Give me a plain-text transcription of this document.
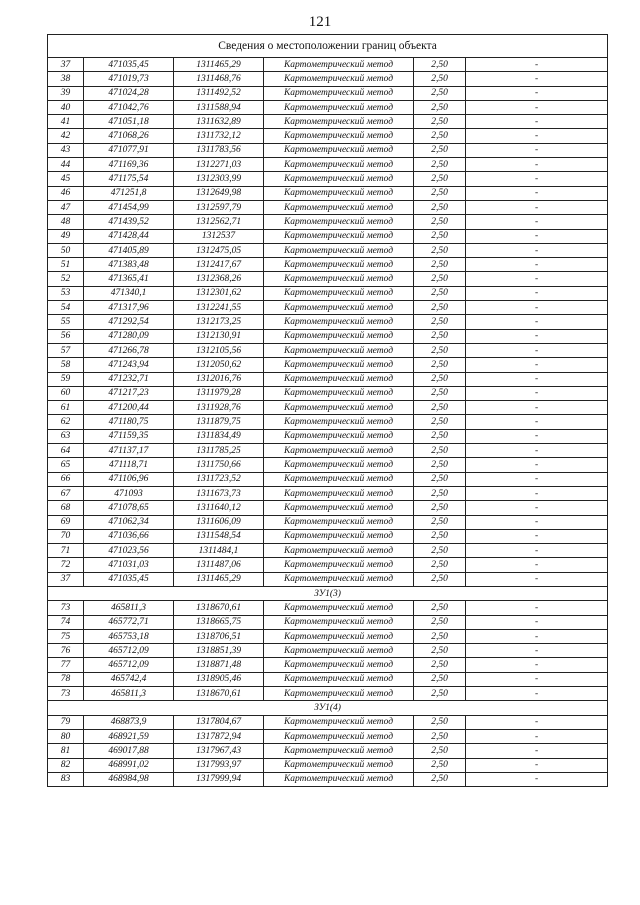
121
Сведения о местоположении границ объекта					
37	471035,45	1311465,29	Картометрический метод	2,50	-
38	471019,73	1311468,76	Картометрический метод	2,50	-
39	471024,28	1311492,52	Картометрический метод	2,50	-
40	471042,76	1311588,94	Картометрический метод	2,50	-
41	471051,18	1311632,89	Картометрический метод	2,50	-
42	471068,26	1311732,12	Картометрический метод	2,50	-
43	471077,91	1311783,56	Картометрический метод	2,50	-
44	471169,36	1312271,03	Картометрический метод	2,50	-
45	471175,54	1312303,99	Картометрический метод	2,50	-
46	471251,8	1312649,98	Картометрический метод	2,50	-
47	471454,99	1312597,79	Картометрический метод	2,50	-
48	471439,52	1312562,71	Картометрический метод	2,50	-
49	471428,44	1312537	Картометрический метод	2,50	-
50	471405,89	1312475,05	Картометрический метод	2,50	-
51	471383,48	1312417,67	Картометрический метод	2,50	-
52	471365,41	1312368,26	Картометрический метод	2,50	-
53	471340,1	1312301,62	Картометрический метод	2,50	-
54	471317,96	1312241,55	Картометрический метод	2,50	-
55	471292,54	1312173,25	Картометрический метод	2,50	-
56	471280,09	1312130,91	Картометрический метод	2,50	-
57	471266,78	1312105,56	Картометрический метод	2,50	-
58	471243,94	1312050,62	Картометрический метод	2,50	-
59	471232,71	1312016,76	Картометрический метод	2,50	-
60	471217,23	1311979,28	Картометрический метод	2,50	-
61	471200,44	1311928,76	Картометрический метод	2,50	-
62	471180,75	1311879,75	Картометрический метод	2,50	-
63	471159,35	1311834,49	Картометрический метод	2,50	-
64	471137,17	1311785,25	Картометрический метод	2,50	-
65	471118,71	1311750,66	Картометрический метод	2,50	-
66	471106,96	1311723,52	Картометрический метод	2,50	-
67	471093	1311673,73	Картометрический метод	2,50	-
68	471078,65	1311640,12	Картометрический метод	2,50	-
69	471062,34	1311606,09	Картометрический метод	2,50	-
70	471036,66	1311548,54	Картометрический метод	2,50	-
71	471023,56	1311484,1	Картометрический метод	2,50	-
72	471031,03	1311487,06	Картометрический метод	2,50	-
37	471035,45	1311465,29	Картометрический метод	2,50	-
ЗУ1(3)					
73	465811,3	1318670,61	Картометрический метод	2,50	-
74	465772,71	1318665,75	Картометрический метод	2,50	-
75	465753,18	1318706,51	Картометрический метод	2,50	-
76	465712,09	1318851,39	Картометрический метод	2,50	-
77	465712,09	1318871,48	Картометрический метод	2,50	-
78	465742,4	1318905,46	Картометрический метод	2,50	-
73	465811,3	1318670,61	Картометрический метод	2,50	-
ЗУ1(4)					
79	468873,9	1317804,67	Картометрический метод	2,50	-
80	468921,59	1317872,94	Картометрический метод	2,50	-
81	469017,88	1317967,43	Картометрический метод	2,50	-
82	468991,02	1317993,97	Картометрический метод	2,50	-
83	468984,98	1317999,94	Картометрический метод	2,50	-
